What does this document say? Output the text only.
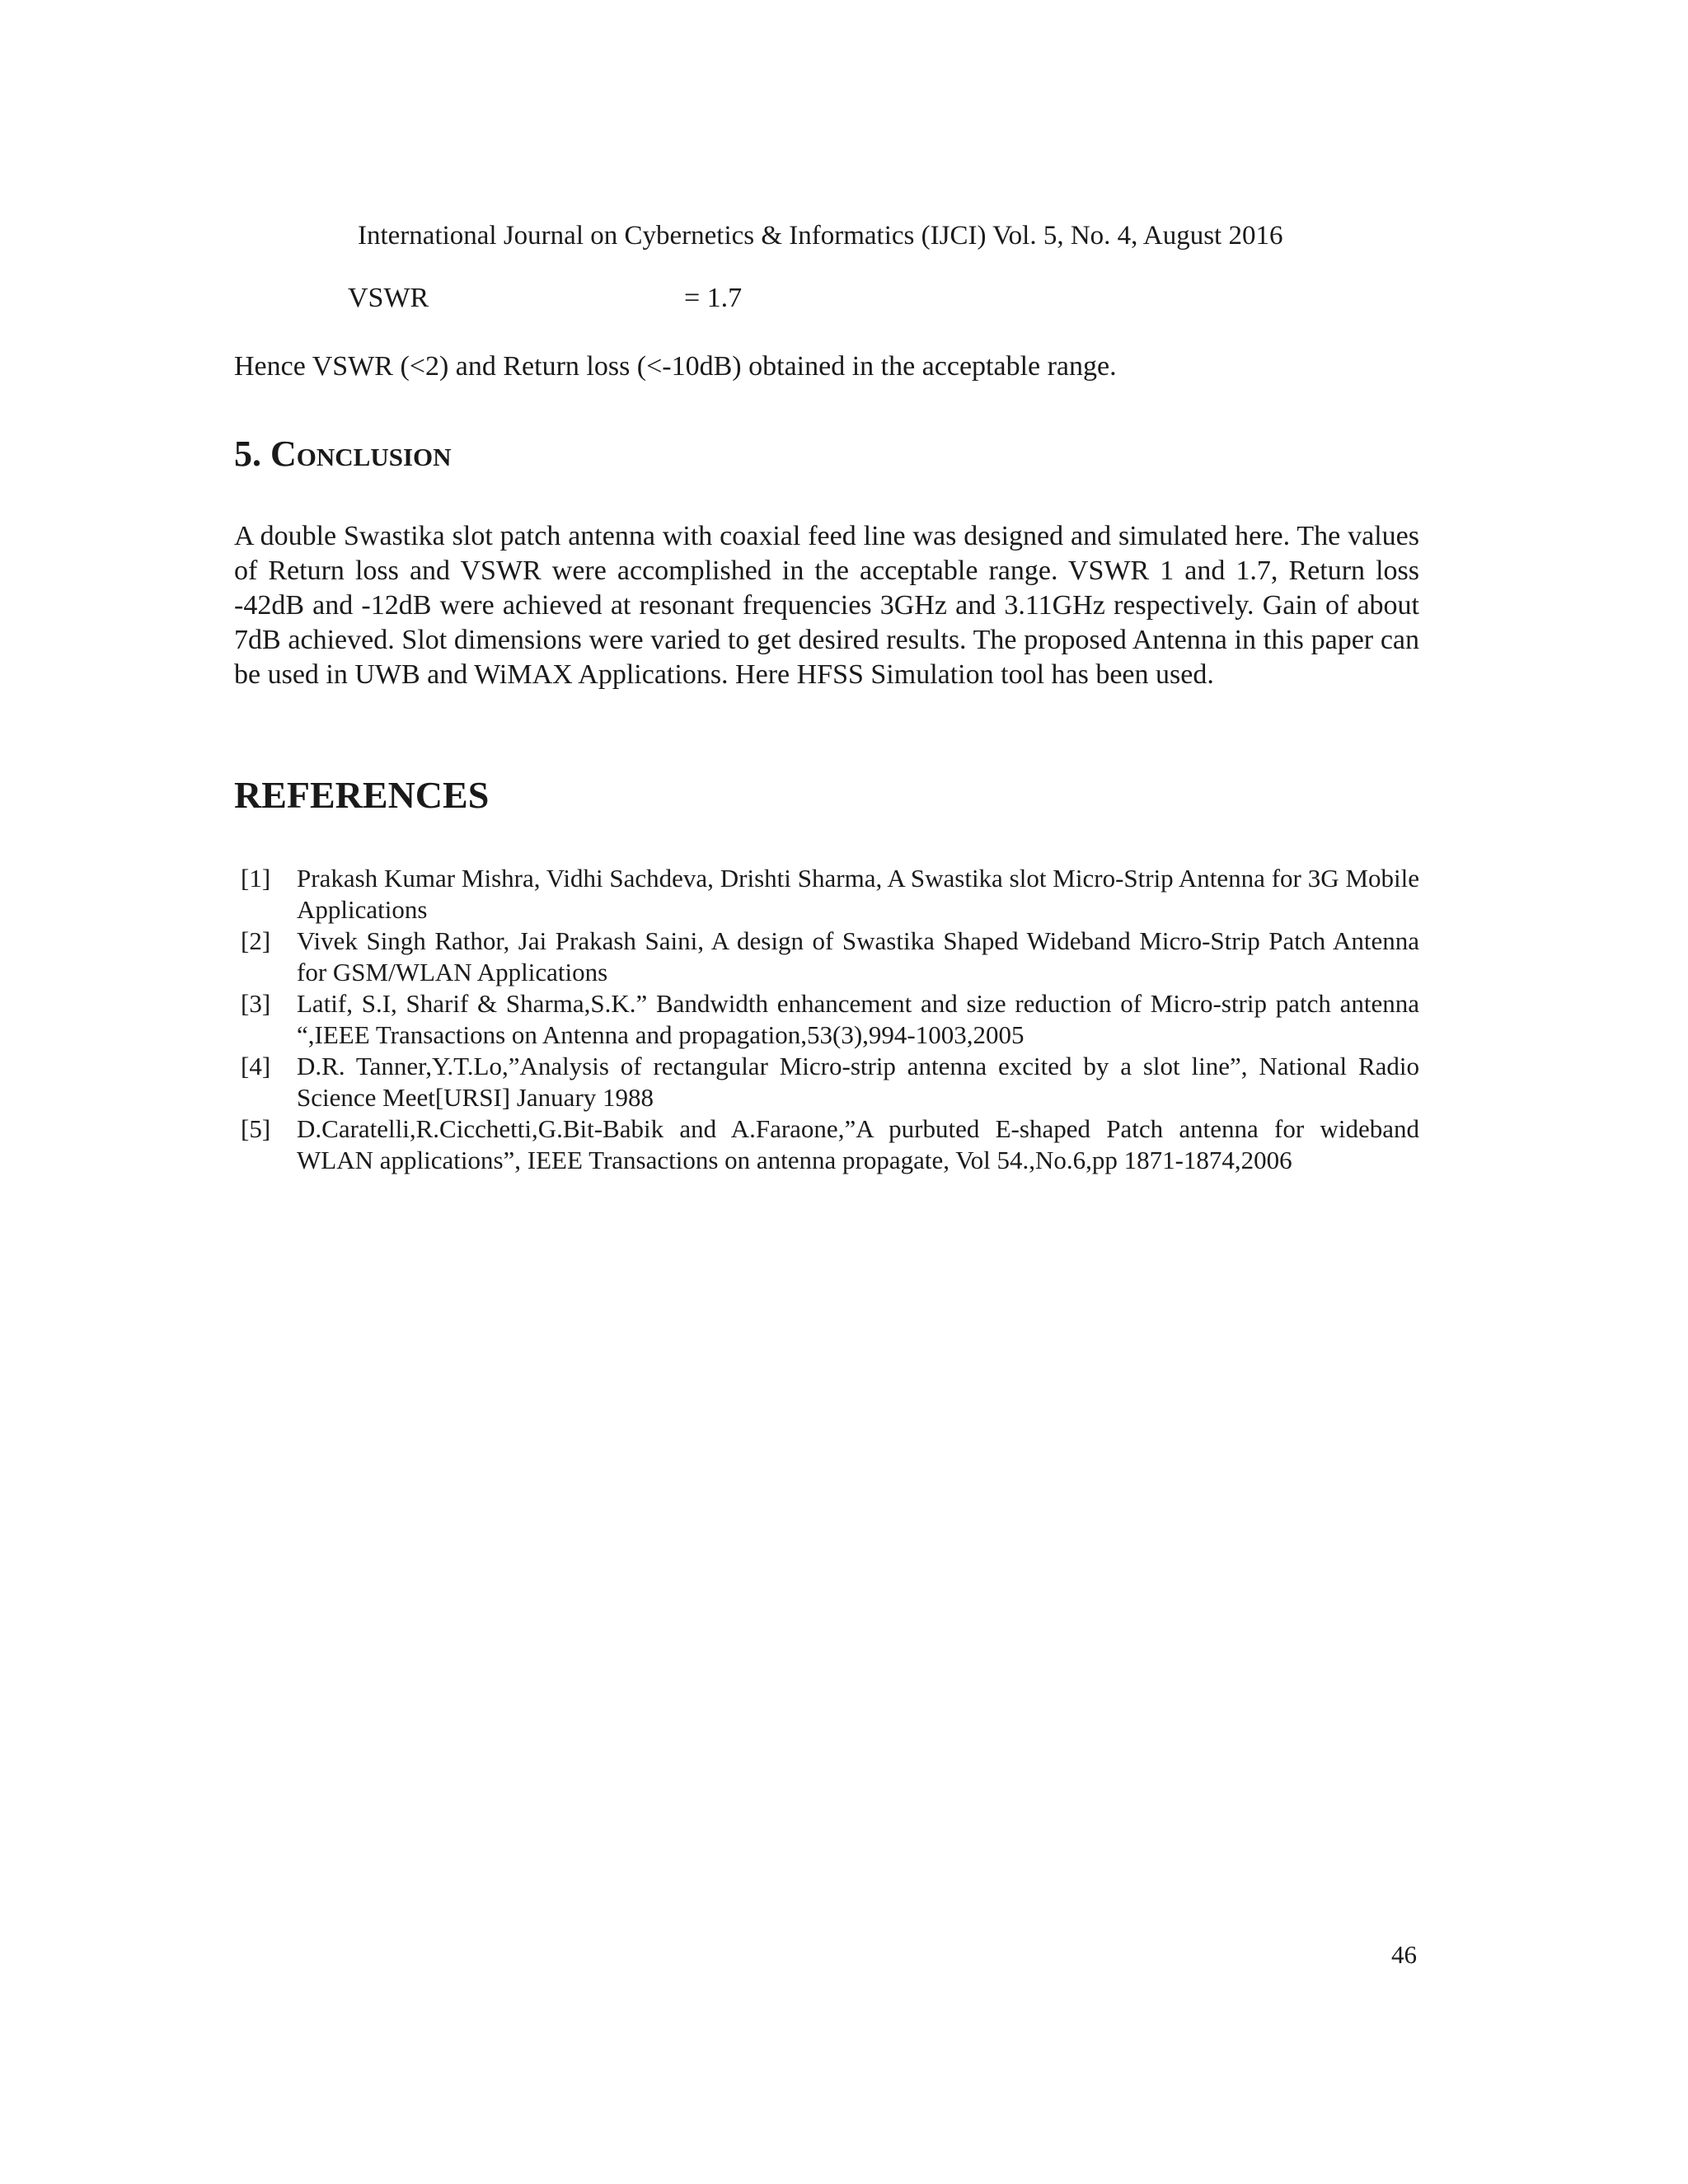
International Journal on Cybernetics & Informatics (IJCI) Vol. 5, No. 4, August 2016
VSWR	= 1.7
Hence VSWR (<2) and Return loss (<-10dB) obtained in the acceptable range.
5. Conclusion

A double Swastika slot patch antenna with coaxial feed line was designed and simulated here. The values of Return loss and VSWR were accomplished in the acceptable range. VSWR 1 and 1.7, Return loss -42dB and -12dB were achieved at resonant frequencies 3GHz and 3.11GHz respectively. Gain of about 7dB achieved. Slot dimensions were varied to get desired results. The proposed Antenna in this paper can be used in UWB and WiMAX Applications. Here HFSS Simulation tool has been used.

REFERENCES
[1] Prakash Kumar Mishra, Vidhi Sachdeva, Drishti Sharma, A Swastika slot Micro-Strip Antenna for 3G Mobile Applications
[2] Vivek Singh Rathor, Jai Prakash Saini, A design of Swastika Shaped Wideband Micro-Strip Patch Antenna for GSM/WLAN Applications
[3] Latif, S.I, Sharif & Sharma,S.K.” Bandwidth enhancement and size reduction of Micro-strip patch antenna “,IEEE Transactions on Antenna and propagation,53(3),994-1003,2005
[4] D.R. Tanner,Y.T.Lo,”Analysis of rectangular Micro-strip antenna excited by a slot line”, National Radio Science Meet[URSI] January 1988
[5] D.Caratelli,R.Cicchetti,G.Bit-Babik and A.Faraone,”A purbuted E-shaped Patch antenna for wideband WLAN applications”, IEEE Transactions on antenna propagate, Vol 54.,No.6,pp 1871-1874,2006
46
